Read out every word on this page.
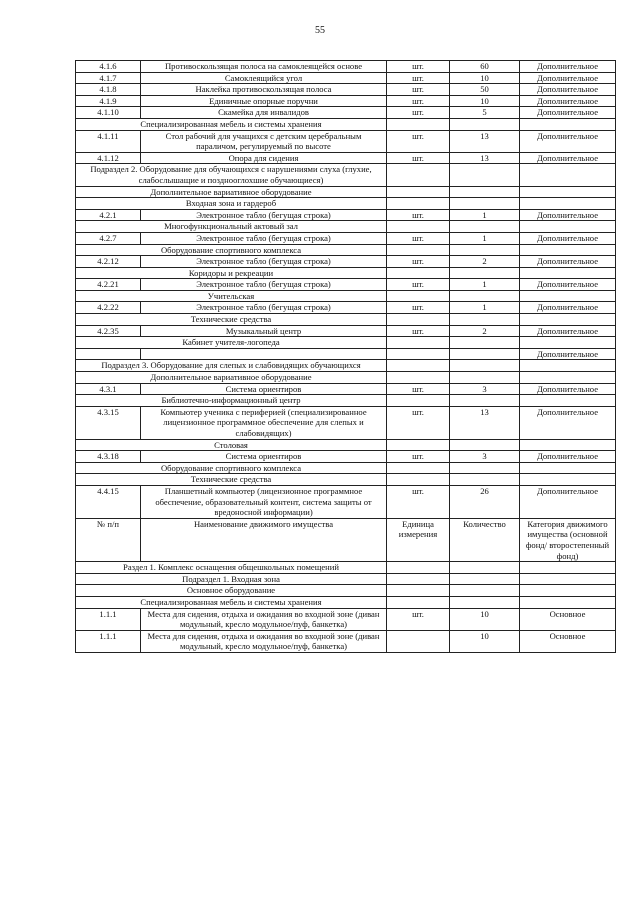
55
4.1.6	Противоскользящая полоса на самоклеящейся основе	шт.	60	Дополнительное
4.1.7	Самоклеящийся угол	шт.	10	Дополнительное
4.1.8	Наклейка противоскользящая полоса	шт.	50	Дополнительное
4.1.9	Единичные опорные поручни	шт.	10	Дополнительное
4.1.10	Скамейка для инвалидов	шт.	5	Дополнительное
Специализированная мебель и системы хранения				
4.1.11	Стол рабочий для учащихся с детским церебральным параличом, регулируемый по высоте	шт.	13	Дополнительное
4.1.12	Опора для сидения	шт.	13	Дополнительное
Подраздел 2. Оборудование для обучающихся с нарушениями слуха (глухие, слабослышащие и позднооглохшие обучающиеся)				
Дополнительное вариативное оборудование				
Входная зона и гардероб				
4.2.1	Электронное табло (бегущая строка)	шт.	1	Дополнительное
Многофункциональный актовый зал				
4.2.7	Электронное табло (бегущая строка)	шт.	1	Дополнительное
Оборудование спортивного комплекса				
4.2.12	Электронное табло (бегущая строка)	шт.	2	Дополнительное
Коридоры и рекреации				
4.2.21	Электронное табло (бегущая строка)	шт.	1	Дополнительное
Учительская				
4.2.22	Электронное табло (бегущая строка)	шт.	1	Дополнительное
Технические средства				
4.2.35	Музыкальный центр	шт.	2	Дополнительное
Кабинет учителя-логопеда				
				Дополнительное
Подраздел 3. Оборудование для слепых и слабовидящих обучающихся				
Дополнительное вариативное оборудование				
4.3.1	Система ориентиров	шт.	3	Дополнительное
Библиотечно-информационный центр				
4.3.15	Компьютер ученика с периферией (специализированное лицензионное программное обеспечение для слепых и слабовидящих)	шт.	13	Дополнительное
Столовая				
4.3.18	Система ориентиров	шт.	3	Дополнительное
Оборудование спортивного комплекса				
Технические средства				
4.4.15	Планшетный компьютер (лицензионное программное обеспечение, образовательный контент, система защиты от вредоносной информации)	шт.	26	Дополнительное
№ п/п	Наименование движимого имущества	Единица измерения	Количество	Категория движимого имущества (основной фонд/ второстепенный фонд)
Раздел 1. Комплекс оснащения общешкольных помещений				
Подраздел 1. Входная зона				
Основное оборудование				
Специализированная мебель и системы хранения				
1.1.1	Места для сидения, отдыха и ожидания во входной зоне (диван модульный, кресло модульное/пуф, банкетка)	шт.	10	Основное
1.1.1	Места для сидения, отдыха и ожидания во входной зоне (диван модульный, кресло модульное/пуф, банкетка)		10	Основное
